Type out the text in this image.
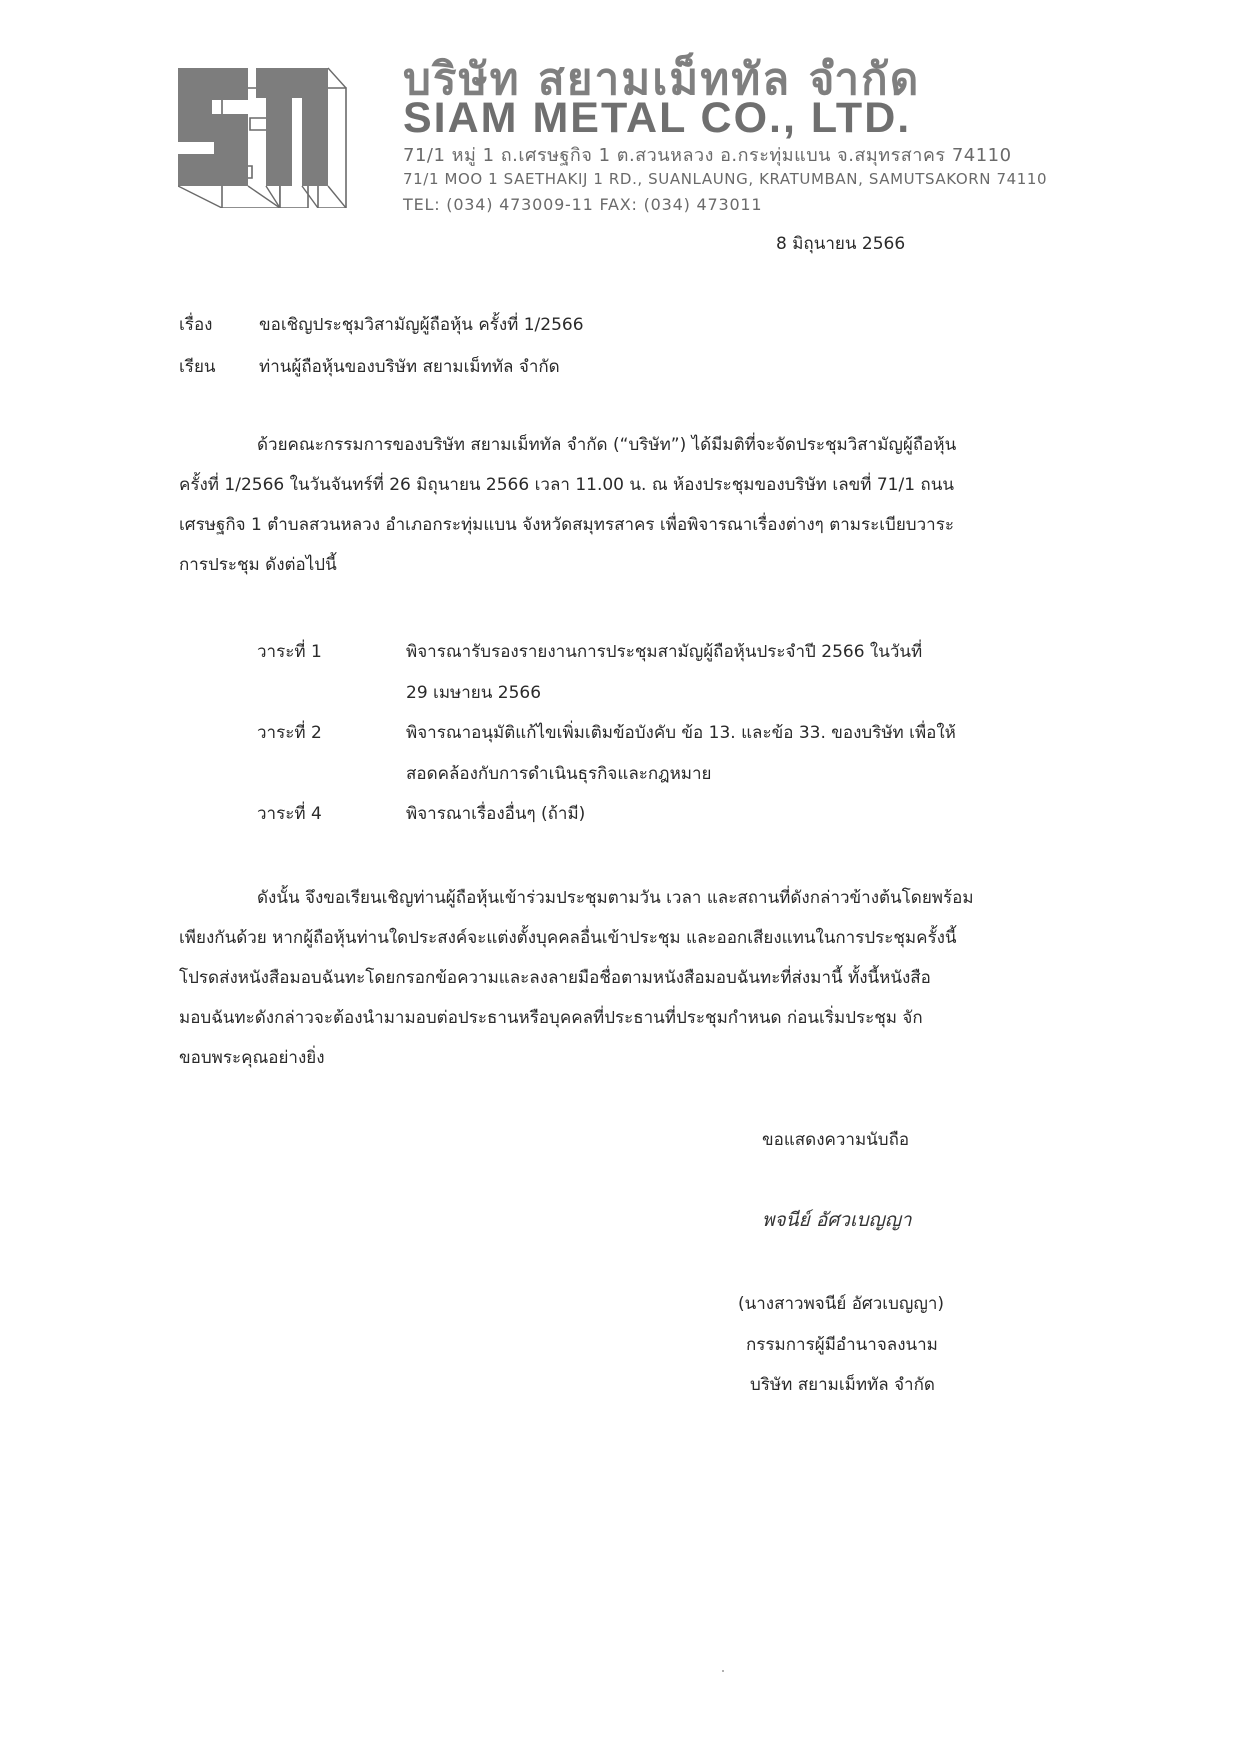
บริษัท สยามเม็ททัล จำกัด
SIAM METAL CO., LTD.
71/1 หมู่ 1 ถ.เศรษฐกิจ 1 ต.สวนหลวง อ.กระทุ่มแบน จ.สมุทรสาคร 74110
71/1 MOO 1 SAETHAKIJ 1 RD., SUANLAUNG, KRATUMBAN, SAMUTSAKORN 74110
TEL: (034) 473009-11 FAX: (034) 473011
8 มิถุนายน 2566
เรื่อง	ขอเชิญประชุมวิสามัญผู้ถือหุ้น ครั้งที่ 1/2566
เรียน	ท่านผู้ถือหุ้นของบริษัท สยามเม็ททัล จำกัด
ด้วยคณะกรรมการของบริษัท สยามเม็ททัล จำกัด (“บริษัท”) ได้มีมติที่จะจัดประชุมวิสามัญผู้ถือหุ้น
ครั้งที่ 1/2566 ในวันจันทร์ที่ 26 มิถุนายน 2566 เวลา 11.00 น. ณ ห้องประชุมของบริษัท เลขที่ 71/1 ถนน
เศรษฐกิจ 1 ตำบลสวนหลวง อำเภอกระทุ่มแบน จังหวัดสมุทรสาคร เพื่อพิจารณาเรื่องต่างๆ ตามระเบียบวาระ
การประชุม ดังต่อไปนี้
วาระที่ 1	พิจารณารับรองรายงานการประชุมสามัญผู้ถือหุ้นประจำปี 2566 ในวันที่
29 เมษายน 2566
วาระที่ 2	พิจารณาอนุมัติแก้ไขเพิ่มเติมข้อบังคับ ข้อ 13. และข้อ 33. ของบริษัท เพื่อให้
สอดคล้องกับการดำเนินธุรกิจและกฎหมาย
วาระที่ 4	พิจารณาเรื่องอื่นๆ (ถ้ามี)
ดังนั้น จึงขอเรียนเชิญท่านผู้ถือหุ้นเข้าร่วมประชุมตามวัน เวลา และสถานที่ดังกล่าวข้างต้นโดยพร้อม
เพียงกันด้วย หากผู้ถือหุ้นท่านใดประสงค์จะแต่งตั้งบุคคลอื่นเข้าประชุม และออกเสียงแทนในการประชุมครั้งนี้
โปรดส่งหนังสือมอบฉันทะโดยกรอกข้อความและลงลายมือชื่อตามหนังสือมอบฉันทะที่ส่งมานี้ ทั้งนี้หนังสือ
มอบฉันทะดังกล่าวจะต้องนำมามอบต่อประธานหรือบุคคลที่ประธานที่ประชุมกำหนด ก่อนเริ่มประชุม จัก
ขอบพระคุณอย่างยิ่ง
ขอแสดงความนับถือ
พจนีย์ อัศวเบญญา
(นางสาวพจนีย์ อัศวเบญญา)
กรรมการผู้มีอำนาจลงนาม
บริษัท สยามเม็ททัล จำกัด
